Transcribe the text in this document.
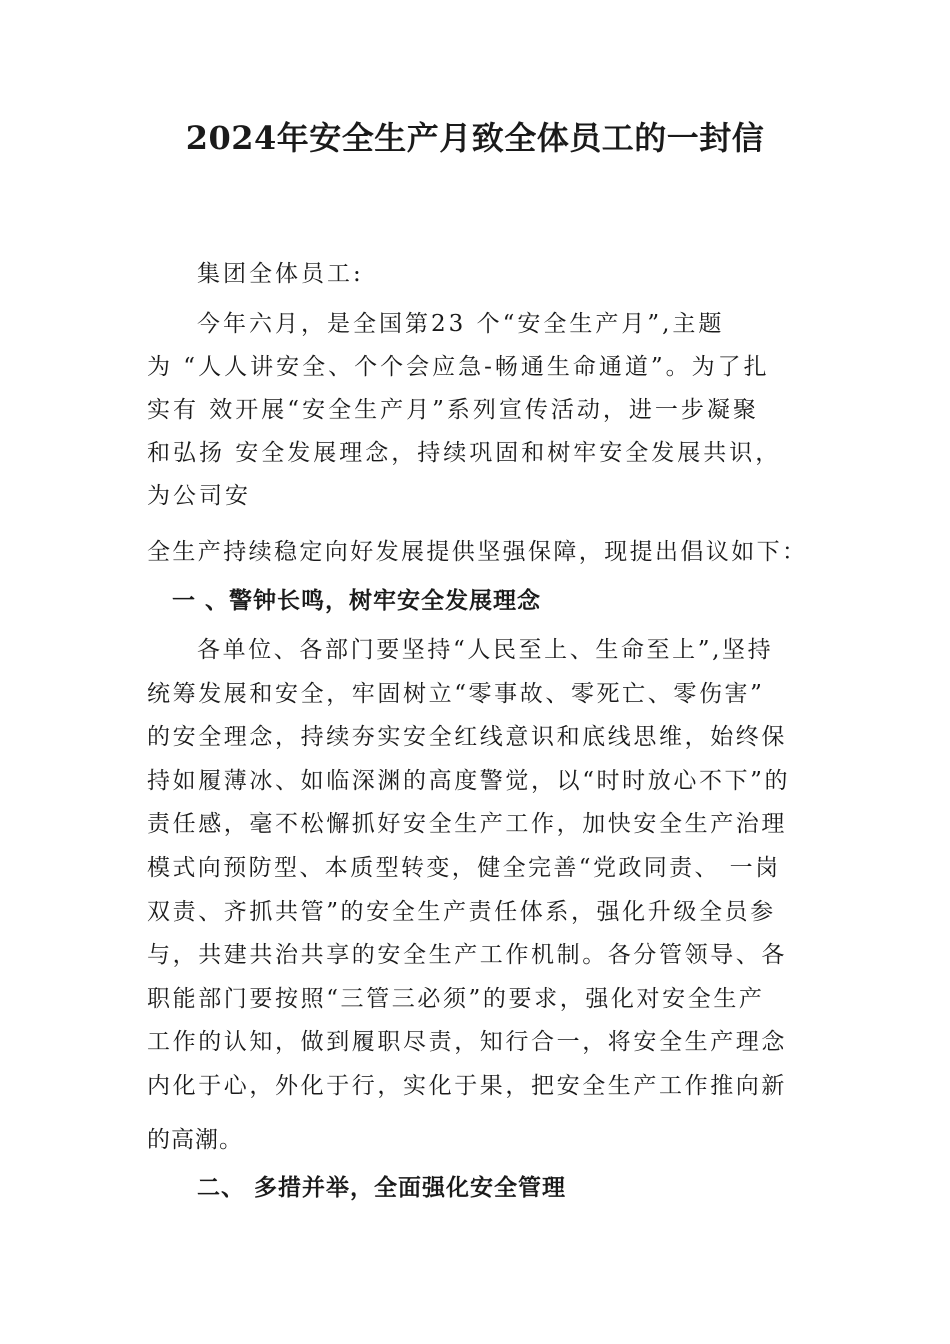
2024年安全生产月致全体员工的一封信

集团全体员工:

今年六月，是全国第23 个“安全生产月”,主题

为 “人人讲安全、个个会应急-畅通生命通道”。为了扎

实有 效开展“安全生产月”系列宣传活动，进一步凝聚

和弘扬 安全发展理念，持续巩固和树牢安全发展共识，

为公司安

全生产持续稳定向好发展提供坚强保障，现提出倡议如下：

一 、警钟长鸣，树牢安全发展理念

各单位、各部门要坚持“人民至上、生命至上”,坚持

统筹发展和安全，牢固树立“零事故、零死亡、零伤害”

的安全理念，持续夯实安全红线意识和底线思维，始终保

持如履薄冰、如临深渊的高度警觉，以“时时放心不下”的

责任感，毫不松懈抓好安全生产工作，加快安全生产治理

模式向预防型、本质型转变，健全完善“党政同责、 一岗

双责、齐抓共管”的安全生产责任体系，强化升级全员参

与，共建共治共享的安全生产工作机制。各分管领导、各

职能部门要按照“三管三必须”的要求，强化对安全生产

工作的认知，做到履职尽责，知行合一，将安全生产理念

内化于心，外化于行，实化于果，把安全生产工作推向新

的高潮。

二、 多措并举，全面强化安全管理
